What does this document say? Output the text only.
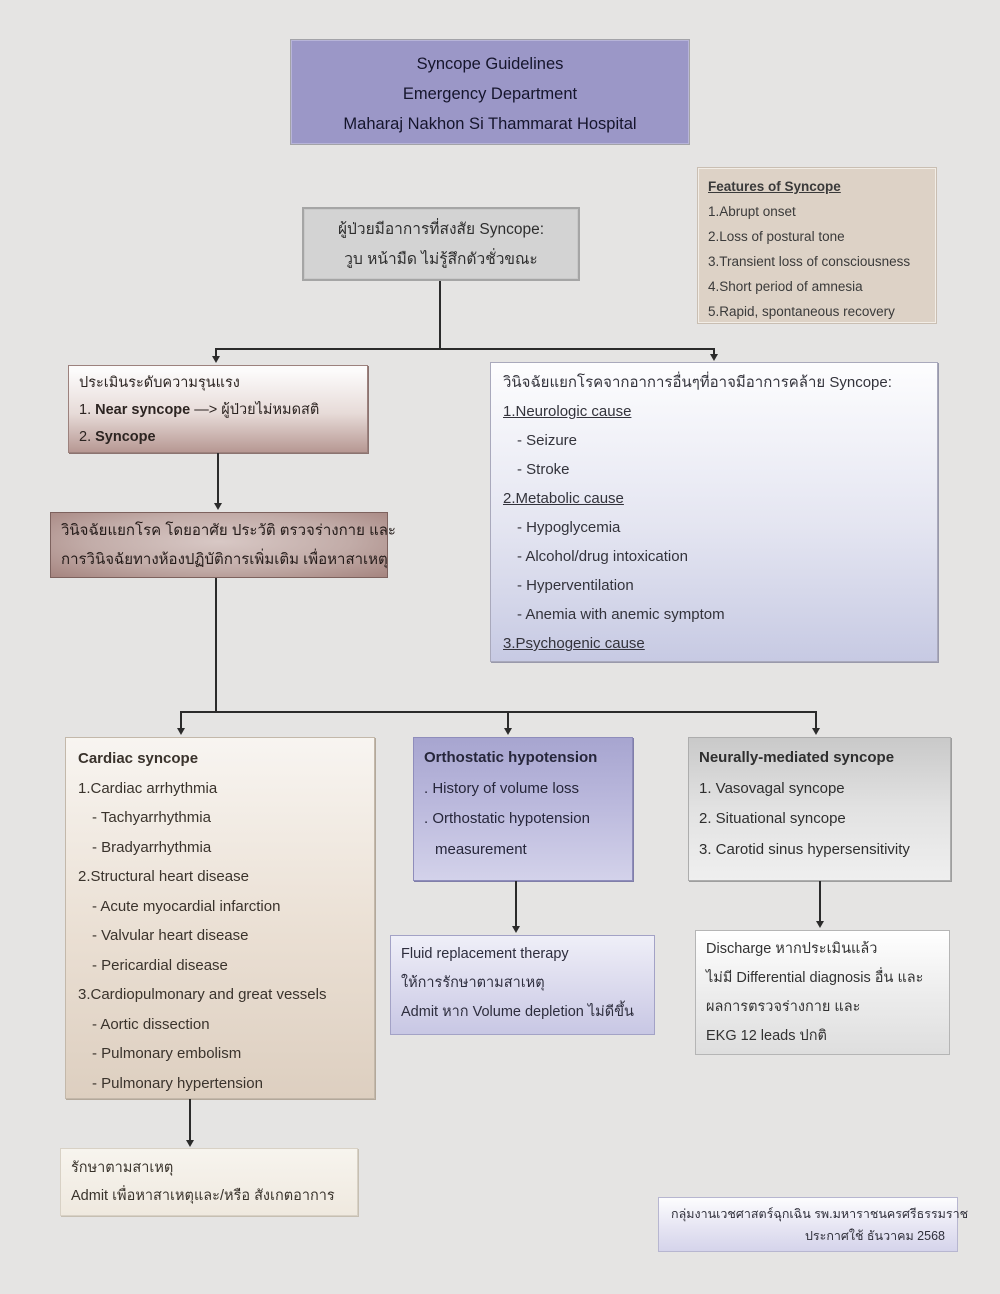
Syncope Guidelines
Emergency Department
Maharaj Nakhon Si Thammarat Hospital
Features of Syncope
1.Abrupt onset
2.Loss of postural tone
3.Transient loss of consciousness
4.Short period of amnesia
5.Rapid, spontaneous recovery
ผู้ป่วยมีอาการที่สงสัย Syncope:
วูบ หน้ามืด ไม่รู้สึกตัวชั่วขณะ
ประเมินระดับความรุนแรง
1. Near syncope —> ผู้ป่วยไม่หมดสติ
2. Syncope
วินิจฉัยแยกโรคจากอาการอื่นๆที่อาจมีอาการคล้าย Syncope:
1.Neurologic cause
- Seizure
- Stroke
2.Metabolic cause
- Hypoglycemia
- Alcohol/drug intoxication
- Hyperventilation
- Anemia with anemic symptom
3.Psychogenic cause
วินิจฉัยแยกโรค โดยอาศัย ประวัติ ตรวจร่างกาย และ
การวินิจฉัยทางห้องปฏิบัติการเพิ่มเติม เพื่อหาสาเหตุ
Cardiac syncope
1.Cardiac arrhythmia
- Tachyarrhythmia
- Bradyarrhythmia
2.Structural heart disease
- Acute myocardial infarction
- Valvular heart disease
- Pericardial disease
3.Cardiopulmonary and great vessels
- Aortic dissection
- Pulmonary embolism
- Pulmonary hypertension
Orthostatic hypotension
. History of volume loss
. Orthostatic hypotension
measurement
Neurally-mediated syncope
1. Vasovagal syncope
2. Situational syncope
3. Carotid sinus hypersensitivity
Fluid replacement therapy
ให้การรักษาตามสาเหตุ
Admit หาก Volume depletion ไม่ดีขึ้น
Discharge หากประเมินแล้ว
ไม่มี Differential diagnosis อื่น และ
ผลการตรวจร่างกาย และ
EKG 12 leads ปกติ
รักษาตามสาเหตุ
Admit เพื่อหาสาเหตุและ/หรือ สังเกตอาการ
กลุ่มงานเวชศาสตร์ฉุกเฉิน รพ.มหาราชนครศรีธรรมราช
ประกาศใช้ ธันวาคม 2568
